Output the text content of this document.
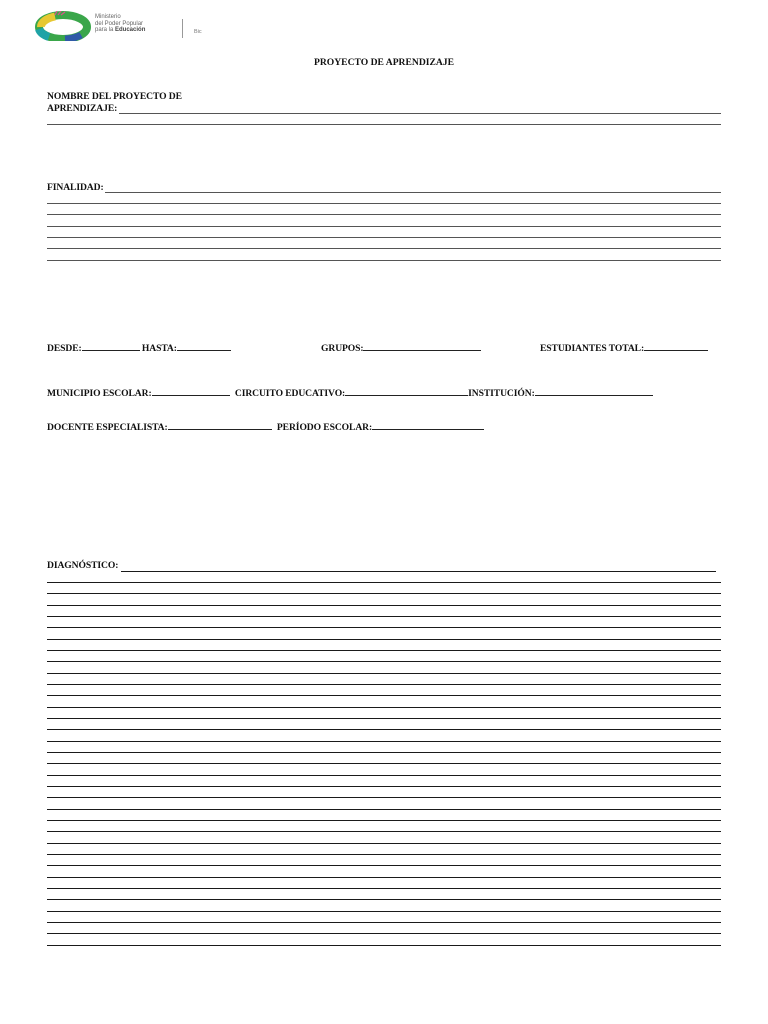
Ministerio
del Poder Popular
para la Educación	Bic
PROYECTO DE APRENDIZAJE
NOMBRE DEL PROYECTO DE
APRENDIZAJE:
FINALIDAD:
DESDE:	HASTA:	GRUPOS:	ESTUDIANTES TOTAL:
MUNICIPIO ESCOLAR:	CIRCUITO EDUCATIVO:	INSTITUCIÓN:
DOCENTE ESPECIALISTA:	PERÍODO ESCOLAR:
DIAGNÓSTICO:
